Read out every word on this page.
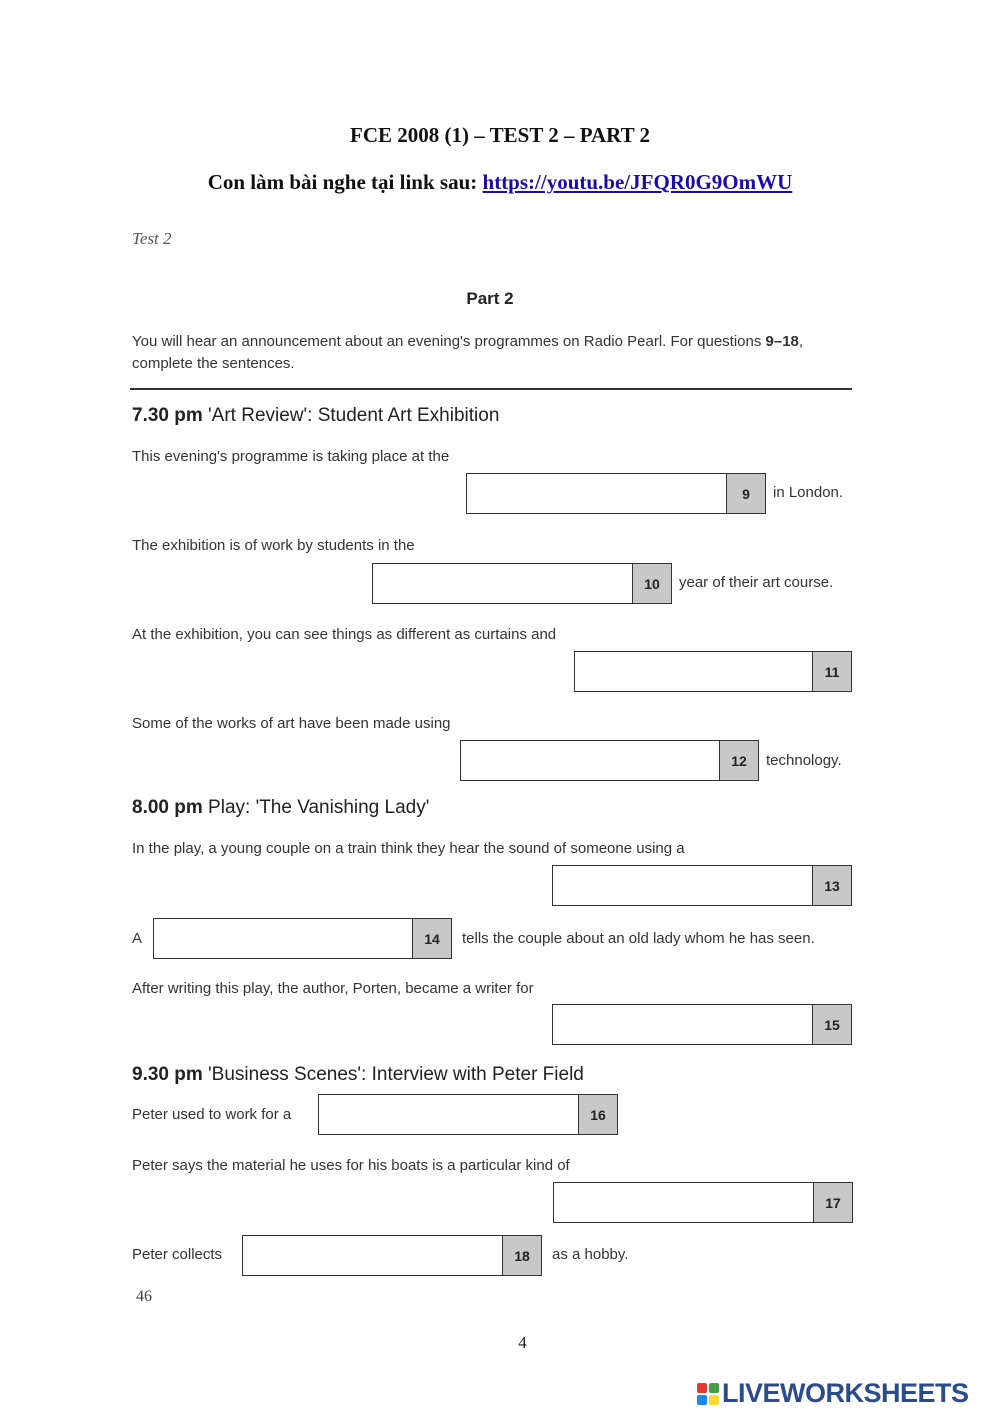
FCE 2008 (1) – TEST 2 – PART 2
Con làm bài nghe tại link sau: https://youtu.be/JFQR0G9OmWU
Test 2
Part 2
You will hear an announcement about an evening's programmes on Radio Pearl. For questions 9–18, complete the sentences.
7.30 pm 'Art Review': Student Art Exhibition
This evening's programme is taking place at the
9	in London.
The exhibition is of work by students in the
10	year of their art course.
At the exhibition, you can see things as different as curtains and
11
Some of the works of art have been made using
12	technology.
8.00 pm Play: 'The Vanishing Lady'
In the play, a young couple on a train think they hear the sound of someone using a
13
A	14	tells the couple about an old lady whom he has seen.
After writing this play, the author, Porten, became a writer for
15
9.30 pm 'Business Scenes': Interview with Peter Field
Peter used to work for a	16
Peter says the material he uses for his boats is a particular kind of
17
Peter collects	18	as a hobby.
46
4
LIVEWORKSHEETS
